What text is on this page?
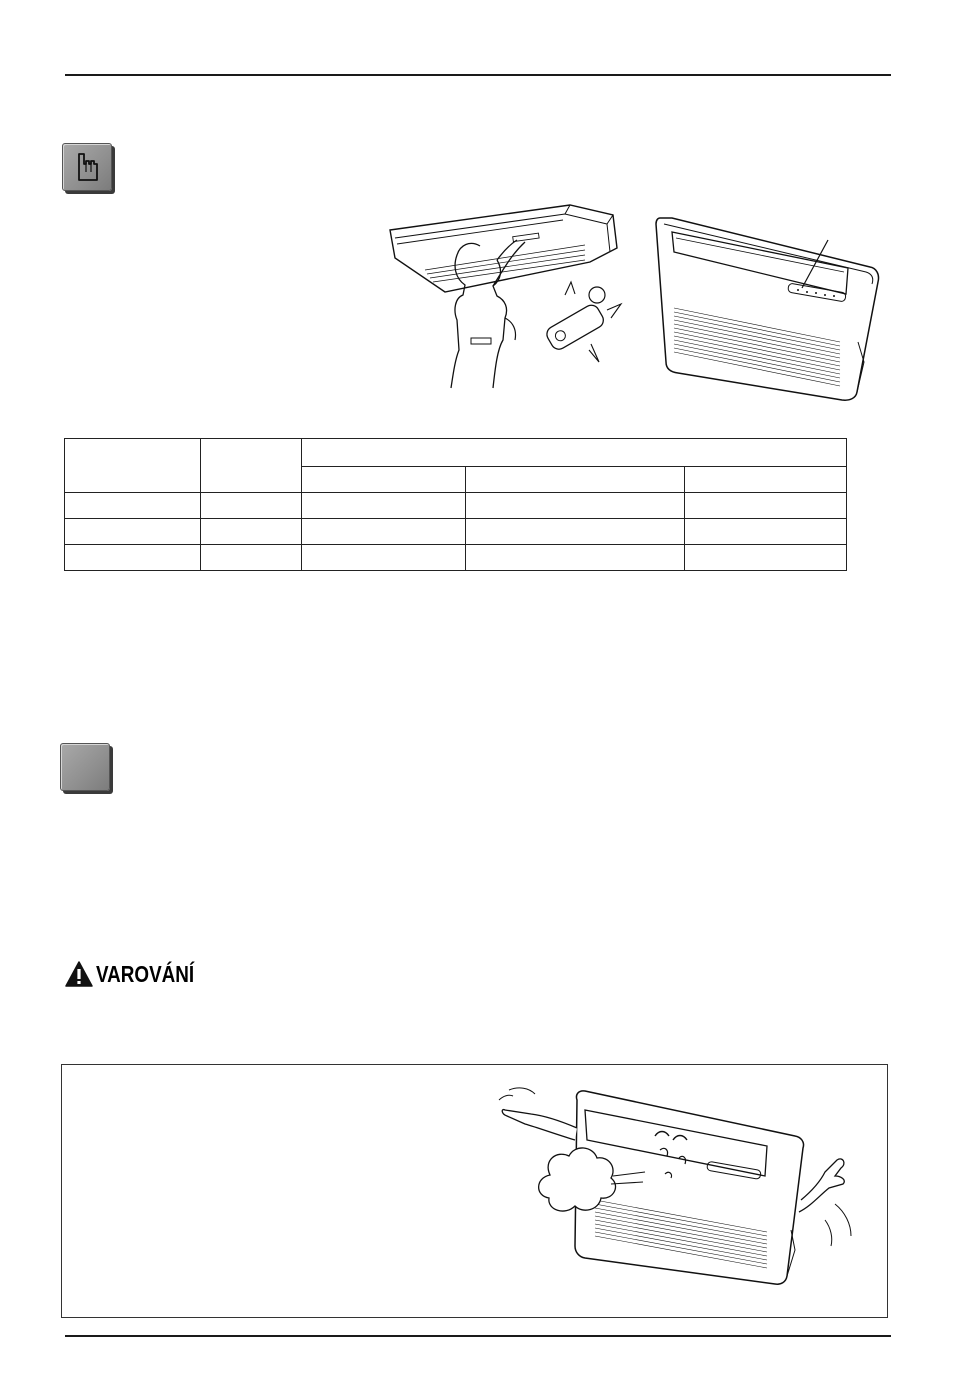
VAROVÁNÍ
